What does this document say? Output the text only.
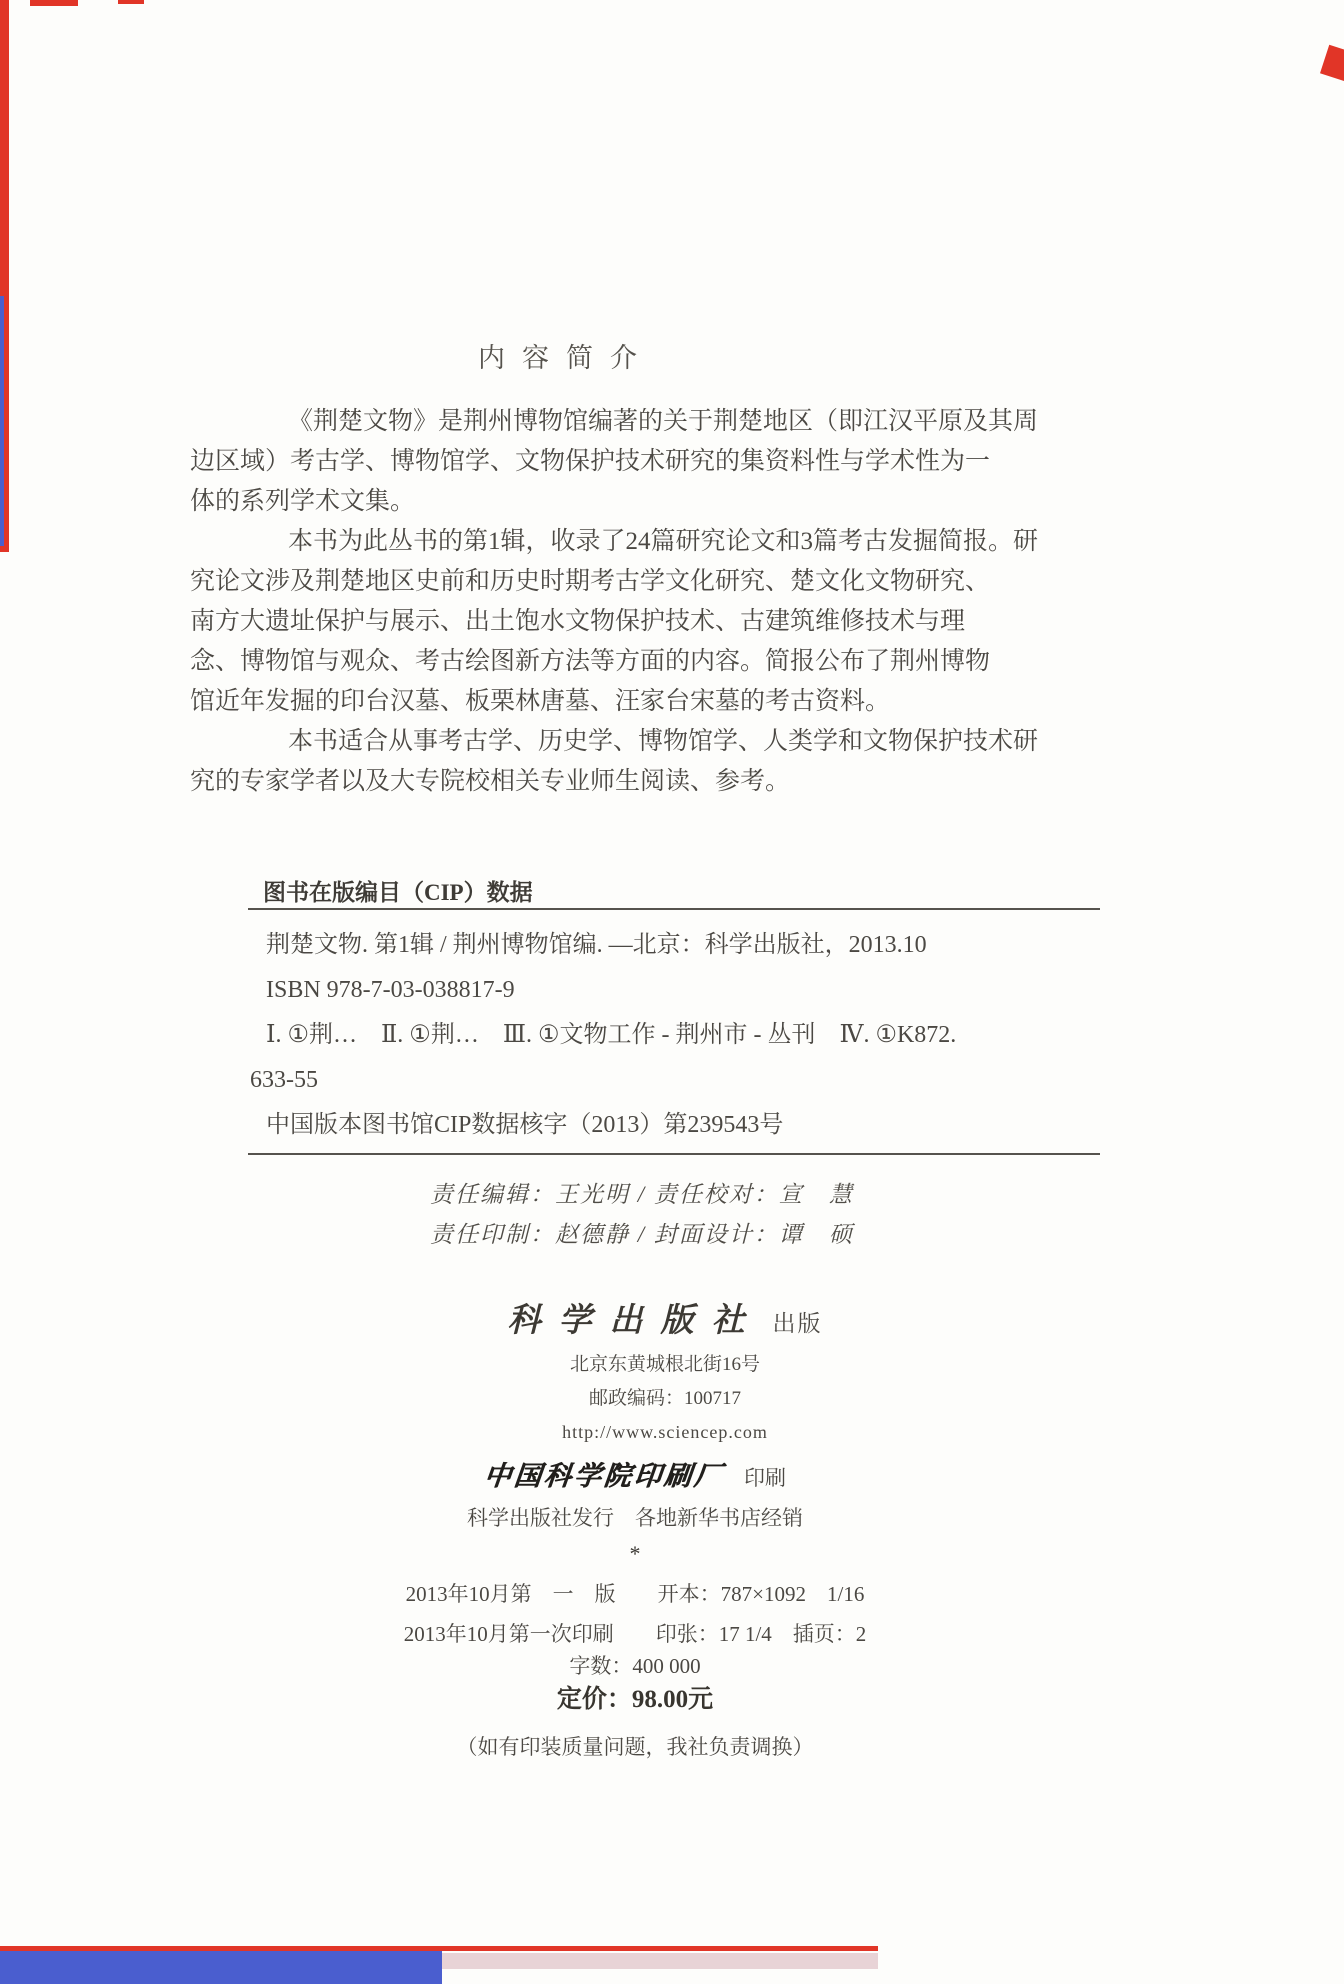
内容简介
《荆楚文物》是荆州博物馆编著的关于荆楚地区（即江汉平原及其周
边区域）考古学、博物馆学、文物保护技术研究的集资料性与学术性为一
体的系列学术文集。
本书为此丛书的第1辑，收录了24篇研究论文和3篇考古发掘简报。研
究论文涉及荆楚地区史前和历史时期考古学文化研究、楚文化文物研究、
南方大遗址保护与展示、出土饱水文物保护技术、古建筑维修技术与理
念、博物馆与观众、考古绘图新方法等方面的内容。简报公布了荆州博物
馆近年发掘的印台汉墓、板栗林唐墓、汪家台宋墓的考古资料。
本书适合从事考古学、历史学、博物馆学、人类学和文物保护技术研
究的专家学者以及大专院校相关专业师生阅读、参考。
图书在版编目（CIP）数据
荆楚文物. 第1辑 / 荆州博物馆编. —北京：科学出版社，2013.10
ISBN 978-7-03-038817-9
Ⅰ. ①荆…　Ⅱ. ①荆…　Ⅲ. ①文物工作 - 荆州市 - 丛刊　Ⅳ. ①K872.
633-55
中国版本图书馆CIP数据核字（2013）第239543号
责任编辑：王光明 / 责任校对：宣　慧
责任印制：赵德静 / 封面设计：谭　硕
科学出版社 出版
北京东黄城根北街16号
邮政编码：100717
http://www.sciencep.com
中国科学院印刷厂 印刷
科学出版社发行　各地新华书店经销
*
2013年10月第　一　版　　开本：787×1092　1/16
2013年10月第一次印刷　　印张：17 1/4　插页：2
字数：400 000
定价：98.00元
（如有印装质量问题，我社负责调换）
